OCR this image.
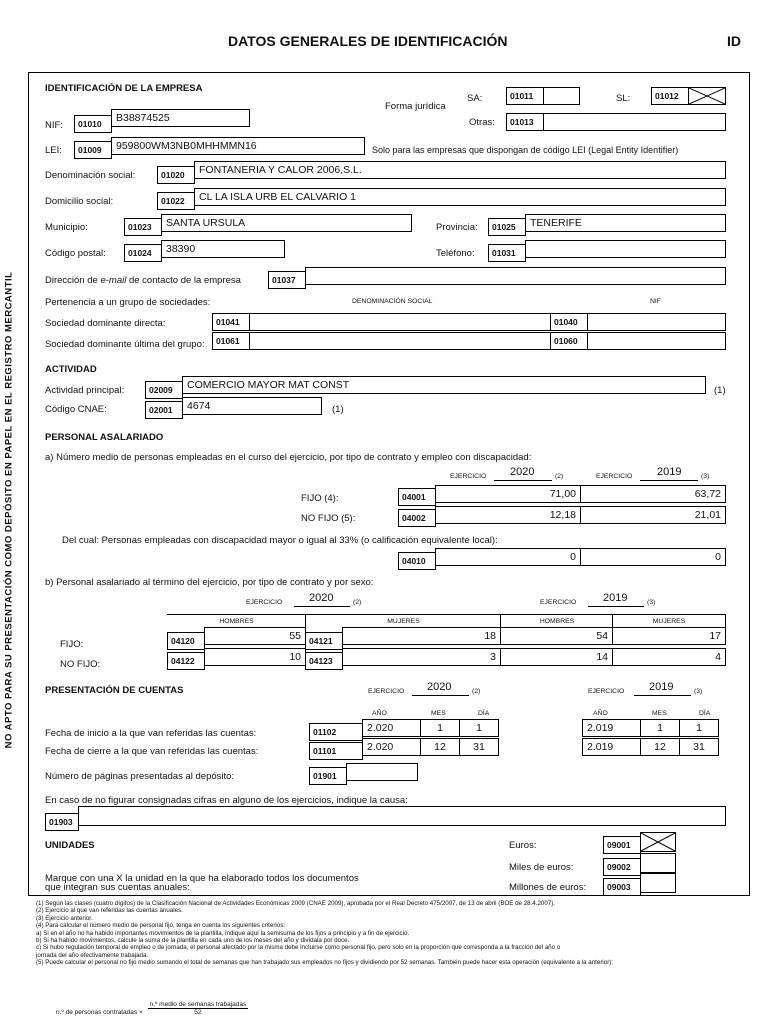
DATOS GENERALES DE IDENTIFICACIÓN	ID
NO APTO PARA SU PRESENTACIÓN COMO DEPÓSITO EN PAPEL EN EL REGISTRO MERCANTIL
IDENTIFICACIÓN DE LA EMPRESA
Forma jurídica
SA:	01011	SL:	01012
Otras:	01013
NIF:	01010	B38874525
LEI:	01009	959800WM3NB0MHHMMN16	Solo para las empresas que dispongan de código LEI (Legal Entity Identifier)
Denominación social:	01020	FONTANERIA Y CALOR 2006,S.L.
Domicilio social:	01022	CL LA ISLA URB EL CALVARIO 1
Municipio:	01023	SANTA URSULA	Provincia:	01025	TENERIFE
Código postal:	01024	38390	Teléfono:	01031
Dirección de e-mail de contacto de la empresa	01037
Pertenencia a un grupo de sociedades:	DENOMINACIÓN SOCIAL	NIF
Sociedad dominante directa:	01041	01040
Sociedad dominante última del grupo:	01061	01060
ACTIVIDAD
Actividad principal:	02009	COMERCIO MAYOR MAT CONST	(1)
Código CNAE:	02001	4674	(1)
PERSONAL ASALARIADO
a) Número medio de personas empleadas en el curso del ejercicio, por tipo de contrato y empleo con discapacidad:
EJERCICIO 2020	(2)	EJERCICIO 2019	(3)
FIJO (4):	04001	71,00	63,72
NO FIJO (5):	04002	12,18	21,01
Del cual: Personas empleadas con discapacidad mayor o igual al 33% (o calificación equivalente local):
04010	0	0
b) Personal asalariado al término del ejercicio, por tipo de contrato y por sexo:
EJERCICIO 2020	(2)	EJERCICIO 2019	(3)
HOMBRES	MUJERES	HOMBRES	MUJERES
FIJO:	04120	55 04121	18	54	17
NO FIJO:	04122	10 04123	3	14	4
PRESENTACIÓN DE CUENTAS	EJERCICIO 2020	(2)	EJERCICIO 2019	(3)
AÑO	MES	DÍA	AÑO	MES	DÍA
Fecha de inicio a la que van referidas las cuentas:	01102	2.020	1	1	2.019	1	1
Fecha de cierre a la que van referidas las cuentas:	01101	2.020	12	31	2.019	12	31
Número de páginas presentadas al depósito:	01901
En caso de no figurar consignadas cifras en alguno de los ejercicios, indique la causa:
01903
UNIDADES
Marque con una X la unidad en la que ha elaborado todos los documentos
que integran sus cuentas anuales:
Euros:	09001
Miles de euros:	09002
Millones de euros:	09003
(1) Según las clases (cuatro dígitos) de la Clasificación Nacional de Actividades Económicas 2009 (CNAE 2009), aprobada por el Real Decreto 475/2007, de 13 de abril (BOE de 28.4.2007).
(2) Ejercicio al que van referidas las cuentas anuales.
(3) Ejercicio anterior.
(4) Para calcular el número medio de personal fijo, tenga en cuenta los siguientes criterios:
a) Si en el año no ha habido importantes movimientos de la plantilla, indique aquí la semisuma de los fijos a principio y a fin de ejercicio.
b) Si ha habido movimientos, calcule la suma de la plantilla en cada uno de los meses del año y divídala por doce.
c) Si hubo regulación temporal de empleo o de jornada, el personal afectado por la misma debe incluirse como personal fijo, pero solo en la proporción que corresponda a la fracción del año o
jornada del año efectivamente trabajada.
(5) Puede calcular el personal no fijo medio sumando el total de semanas que han trabajado sus empleados no fijos y dividiendo por 52 semanas. También puede hacer esta operación (equivalente a la anterior):
n.º de personas contratadas ×
n.º medio de semanas trabajadas
52
